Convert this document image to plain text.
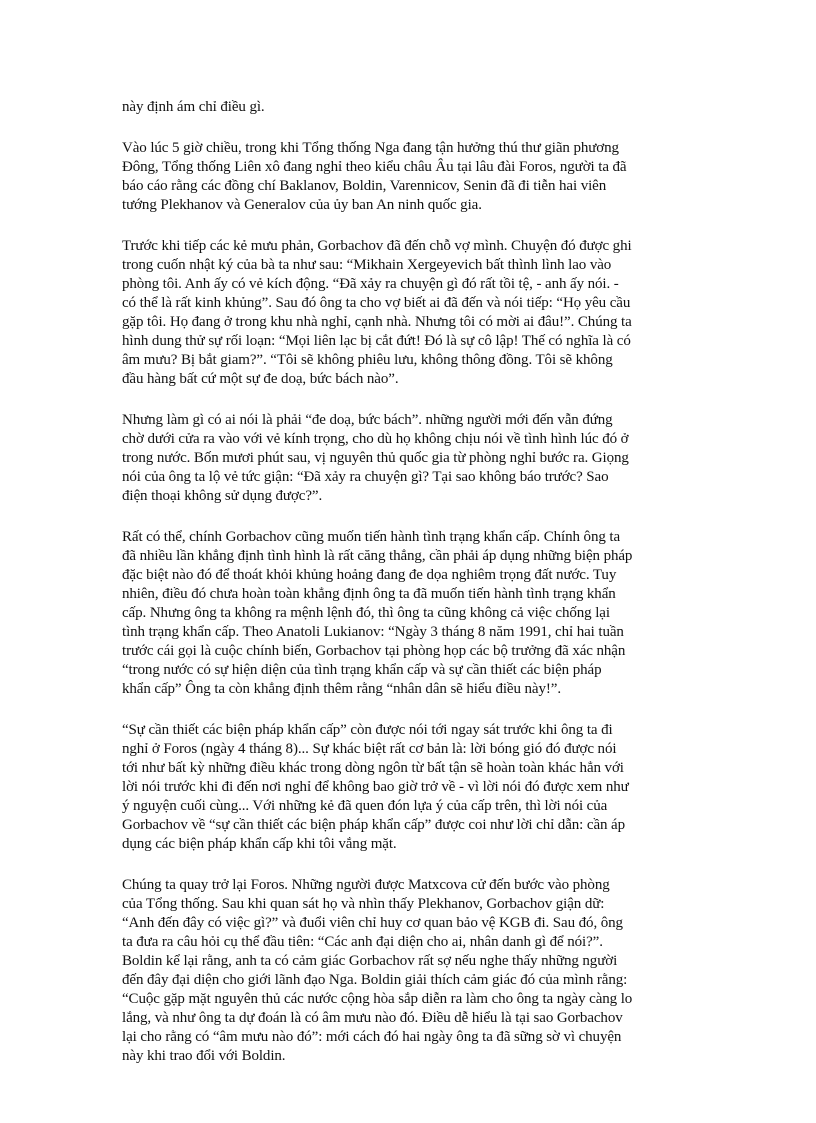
này định ám chỉ điều gì.
Vào lúc 5 giờ chiều, trong khi Tổng thống Nga đang tận hưởng thú thư giãn phương
Đông, Tổng thống Liên xô đang nghỉ theo kiểu châu Âu tại lâu đài Foros, người ta đã
báo cáo rằng các đồng chí Baklanov, Boldin, Varennicov, Senin đã đi tiễn hai viên
tướng Plekhanov và Generalov của ủy ban An ninh quốc gia.
Trước khi tiếp các kẻ mưu phản, Gorbachov đã đến chỗ vợ mình. Chuyện đó được ghi
trong cuốn nhật ký của bà ta như sau: “Mikhain Xergeyevich bất thình lình lao vào
phòng tôi. Anh ấy có vẻ kích động. “Đã xảy ra chuyện gì đó rất tồi tệ, - anh ấy nói. -
có thể là rất kinh khủng”. Sau đó ông ta cho vợ biết ai đã đến và nói tiếp: “Họ yêu cầu
gặp tôi. Họ đang ở trong khu nhà nghỉ, cạnh nhà. Nhưng tôi có mời ai đâu!”. Chúng ta
hình dung thử sự rối loạn: “Mọi liên lạc bị cắt đứt! Đó là sự cô lập! Thế có nghĩa là có
âm mưu? Bị bắt giam?”. “Tôi sẽ không phiêu lưu, không thông đồng. Tôi sẽ không
đầu hàng bất cứ một sự đe doạ, bức bách nào”.
Nhưng làm gì có ai nói là phải “đe doạ, bức bách”. những người mới đến vẫn đứng
chờ dưới cửa ra vào với vẻ kính trọng, cho dù họ không chịu nói về tình hình lúc đó ở
trong nước. Bốn mươi phút sau, vị nguyên thủ quốc gia từ phòng nghỉ bước ra. Giọng
nói của ông ta lộ vẻ tức giận: “Đã xảy ra chuyện gì? Tại sao không báo trước? Sao
điện thoại không sử dụng được?”.
Rất có thể, chính Gorbachov cũng muốn tiến hành tình trạng khẩn cấp. Chính ông ta
đã nhiều lần khẳng định tình hình là rất căng thẳng, cần phải áp dụng những biện pháp
đặc biệt nào đó để thoát khỏi khủng hoảng đang đe dọa nghiêm trọng đất nước. Tuy
nhiên, điều đó chưa hoàn toàn khẳng định ông ta đã muốn tiến hành tình trạng khẩn
cấp. Nhưng ông ta không ra mệnh lệnh đó, thì ông ta cũng không cả việc chống lại
tình trạng khẩn cấp. Theo Anatoli Lukianov: “Ngày 3 tháng 8 năm 1991, chỉ hai tuần
trước cái gọi là cuộc chính biến, Gorbachov tại phòng họp các bộ trưởng đã xác nhận
“trong nước có sự hiện diện của tình trạng khẩn cấp và sự cần thiết các biện pháp
khẩn cấp” Ông ta còn khẳng định thêm rằng “nhân dân sẽ hiểu điều này!”.
“Sự cần thiết các biện pháp khẩn cấp” còn được nói tới ngay sát trước khi ông ta đi
nghỉ ở Foros (ngày 4 tháng 8)... Sự khác biệt rất cơ bản là: lời bóng gió đó được nói
tới như bất kỳ những điều khác trong dòng ngôn từ bất tận sẽ hoàn toàn khác hẳn với
lời nói trước khi đi đến nơi nghỉ để không bao giờ trở về - vì lời nói đó được xem như
ý nguyện cuối cùng... Với những kẻ đã quen đón lựa ý của cấp trên, thì lời nói của
Gorbachov về “sự cần thiết các biện pháp khẩn cấp” được coi như lời chỉ dẫn: cần áp
dụng các biện pháp khẩn cấp khi tôi vắng mặt.
Chúng ta quay trở lại Foros. Những người được Matxcova cử đến bước vào phòng
của Tổng thống. Sau khi quan sát họ và nhìn thấy Plekhanov, Gorbachov giận dữ:
“Anh đến đây có việc gì?” và đuổi viên chỉ huy cơ quan bảo vệ KGB đi. Sau đó, ông
ta đưa ra câu hỏi cụ thể đầu tiên: “Các anh đại diện cho ai, nhân danh gì để nói?”.
Boldin kể lại rằng, anh ta có cảm giác Gorbachov rất sợ nếu nghe thấy những người
đến đây đại diện cho giới lãnh đạo Nga. Boldin giải thích cảm giác đó của mình rằng:
“Cuộc gặp mặt nguyên thủ các nước cộng hòa sắp diễn ra làm cho ông ta ngày càng lo
lắng, và như ông ta dự đoán là có âm mưu nào đó. Điều dễ hiểu là tại sao Gorbachov
lại cho rằng có “âm mưu nào đó”: mới cách đó hai ngày ông ta đã sững sờ vì chuyện
này khi trao đổi với Boldin.
